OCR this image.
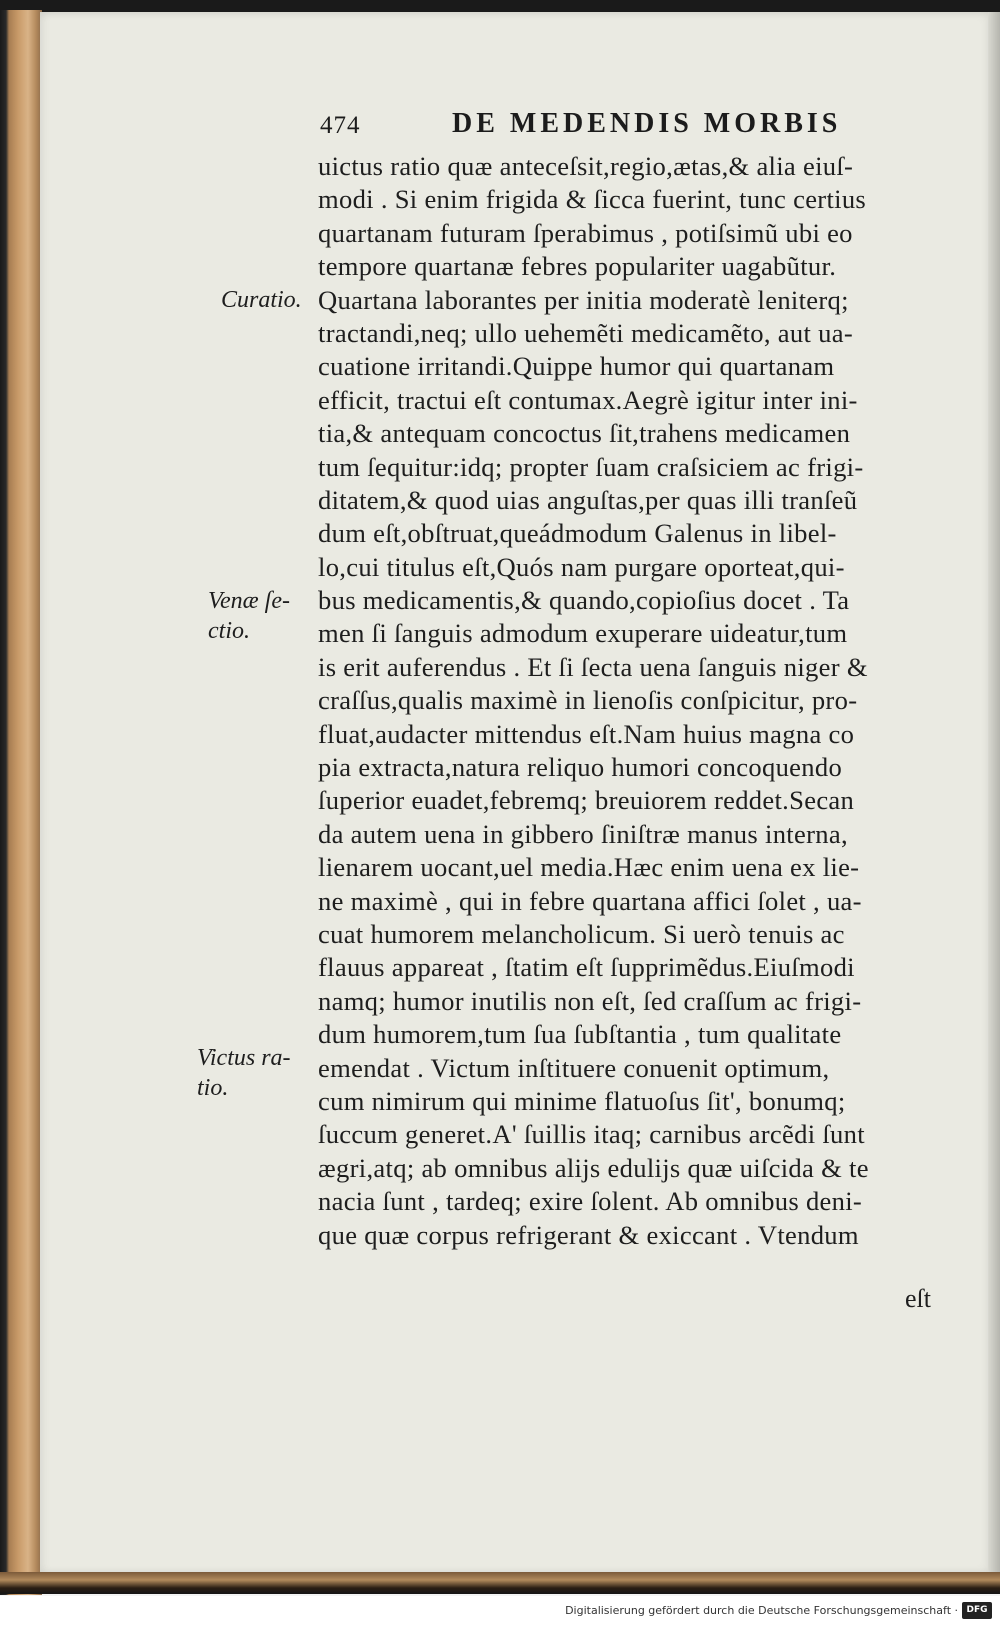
474	DE MEDENDIS MORBIS
Curatio.
Venæ ſe-
ctio.
Victus ra-
tio.
uictus ratio quæ anteceſsit,regio,ætas,& alia eiuſ-
modi . Si enim frigida & ſicca fuerint, tunc certius
quartanam futuram ſperabimus , potiſsimũ ubi eo
tempore quartanæ febres populariter uagabũtur.
Quartana laborantes per initia moderatè leniterq;
tractandi,neq; ullo uehemẽti medicamẽto, aut ua-
cuatione irritandi.Quippe humor qui quartanam
efficit, tractui eſt contumax.Aegrè igitur inter ini-
tia,& antequam concoctus ſit,trahens medicamen
tum ſequitur:idq; propter ſuam craſsiciem ac frigi-
ditatem,& quod uias anguſtas,per quas illi tranſeũ
dum eſt,obſtruat,queádmodum Galenus in libel-
lo,cui titulus eſt,Quós nam purgare oporteat,qui-
bus medicamentis,& quando,copioſius docet . Ta
men ſi ſanguis admodum exuperare uideatur,tum
is erit auferendus . Et ſi ſecta uena ſanguis niger &
craſſus,qualis maximè in lienoſis conſpicitur, pro-
fluat,audacter mittendus eſt.Nam huius magna co
pia extracta,natura reliquo humori concoquendo
ſuperior euadet,febremq; breuiorem reddet.Secan
da autem uena in gibbero ſiniſtræ manus interna,
lienarem uocant,uel media.Hæc enim uena ex lie-
ne maximè , qui in febre quartana affici ſolet , ua-
cuat humorem melancholicum. Si uerò tenuis ac
flauus appareat , ſtatim eſt ſupprimẽdus.Eiuſmodi
namq; humor inutilis non eſt, ſed craſſum ac frigi-
dum humorem,tum ſua ſubſtantia , tum qualitate
emendat . Victum inſtituere conuenit optimum,
cum nimirum qui minime flatuoſus ſit', bonumq;
ſuccum generet.A' ſuillis itaq; carnibus arcẽdi ſunt
ægri,atq; ab omnibus alijs edulijs quæ uiſcida & te
nacia ſunt , tardeq; exire ſolent. Ab omnibus deni-
que quæ corpus refrigerant & exiccant . Vtendum
eſt
Digitalisierung gefördert durch die Deutsche Forschungsgemeinschaft · DFG
